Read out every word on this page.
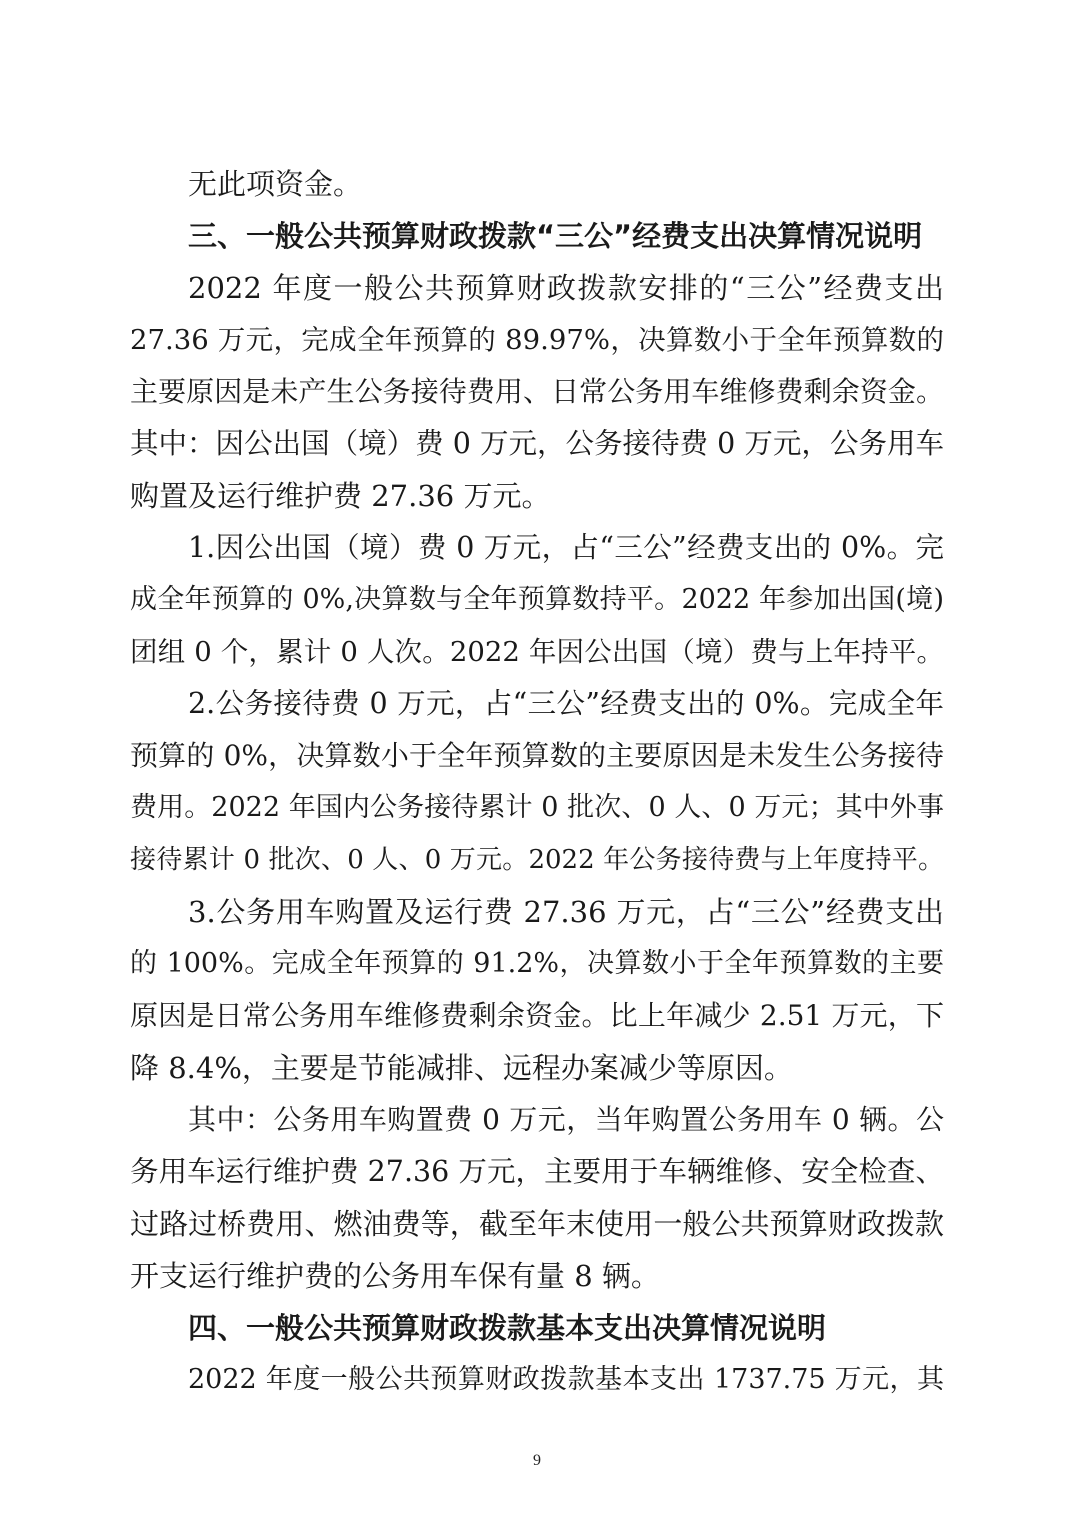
无此项资金。
三、一般公共预算财政拨款“三公”经费支出决算情况说明
2022 年度一般公共预算财政拨款安排的“三公”经费支出
27.36 万元，完成全年预算的 89.97%，决算数小于全年预算数的
主要原因是未产生公务接待费用、日常公务用车维修费剩余资金。
其中：因公出国（境）费 0 万元，公务接待费 0 万元，公务用车
购置及运行维护费 27.36 万元。
1.因公出国（境）费 0 万元，占“三公”经费支出的 0%。完
成全年预算的 0%,决算数与全年预算数持平。2022 年参加出国(境)
团组 0 个，累计 0 人次。2022 年因公出国（境）费与上年持平。
2.公务接待费 0 万元，占“三公”经费支出的 0%。完成全年
预算的 0%，决算数小于全年预算数的主要原因是未发生公务接待
费用。2022 年国内公务接待累计 0 批次、0 人、0 万元；其中外事
接待累计 0 批次、0 人、0 万元。2022 年公务接待费与上年度持平。
3.公务用车购置及运行费 27.36 万元，占“三公”经费支出
的 100%。完成全年预算的 91.2%，决算数小于全年预算数的主要
原因是日常公务用车维修费剩余资金。比上年减少 2.51 万元，下
降 8.4%，主要是节能减排、远程办案减少等原因。
其中：公务用车购置费 0 万元，当年购置公务用车 0 辆。公
务用车运行维护费 27.36 万元，主要用于车辆维修、安全检查、
过路过桥费用、燃油费等，截至年末使用一般公共预算财政拨款
开支运行维护费的公务用车保有量 8 辆。
四、一般公共预算财政拨款基本支出决算情况说明
2022 年度一般公共预算财政拨款基本支出 1737.75 万元，其
9
